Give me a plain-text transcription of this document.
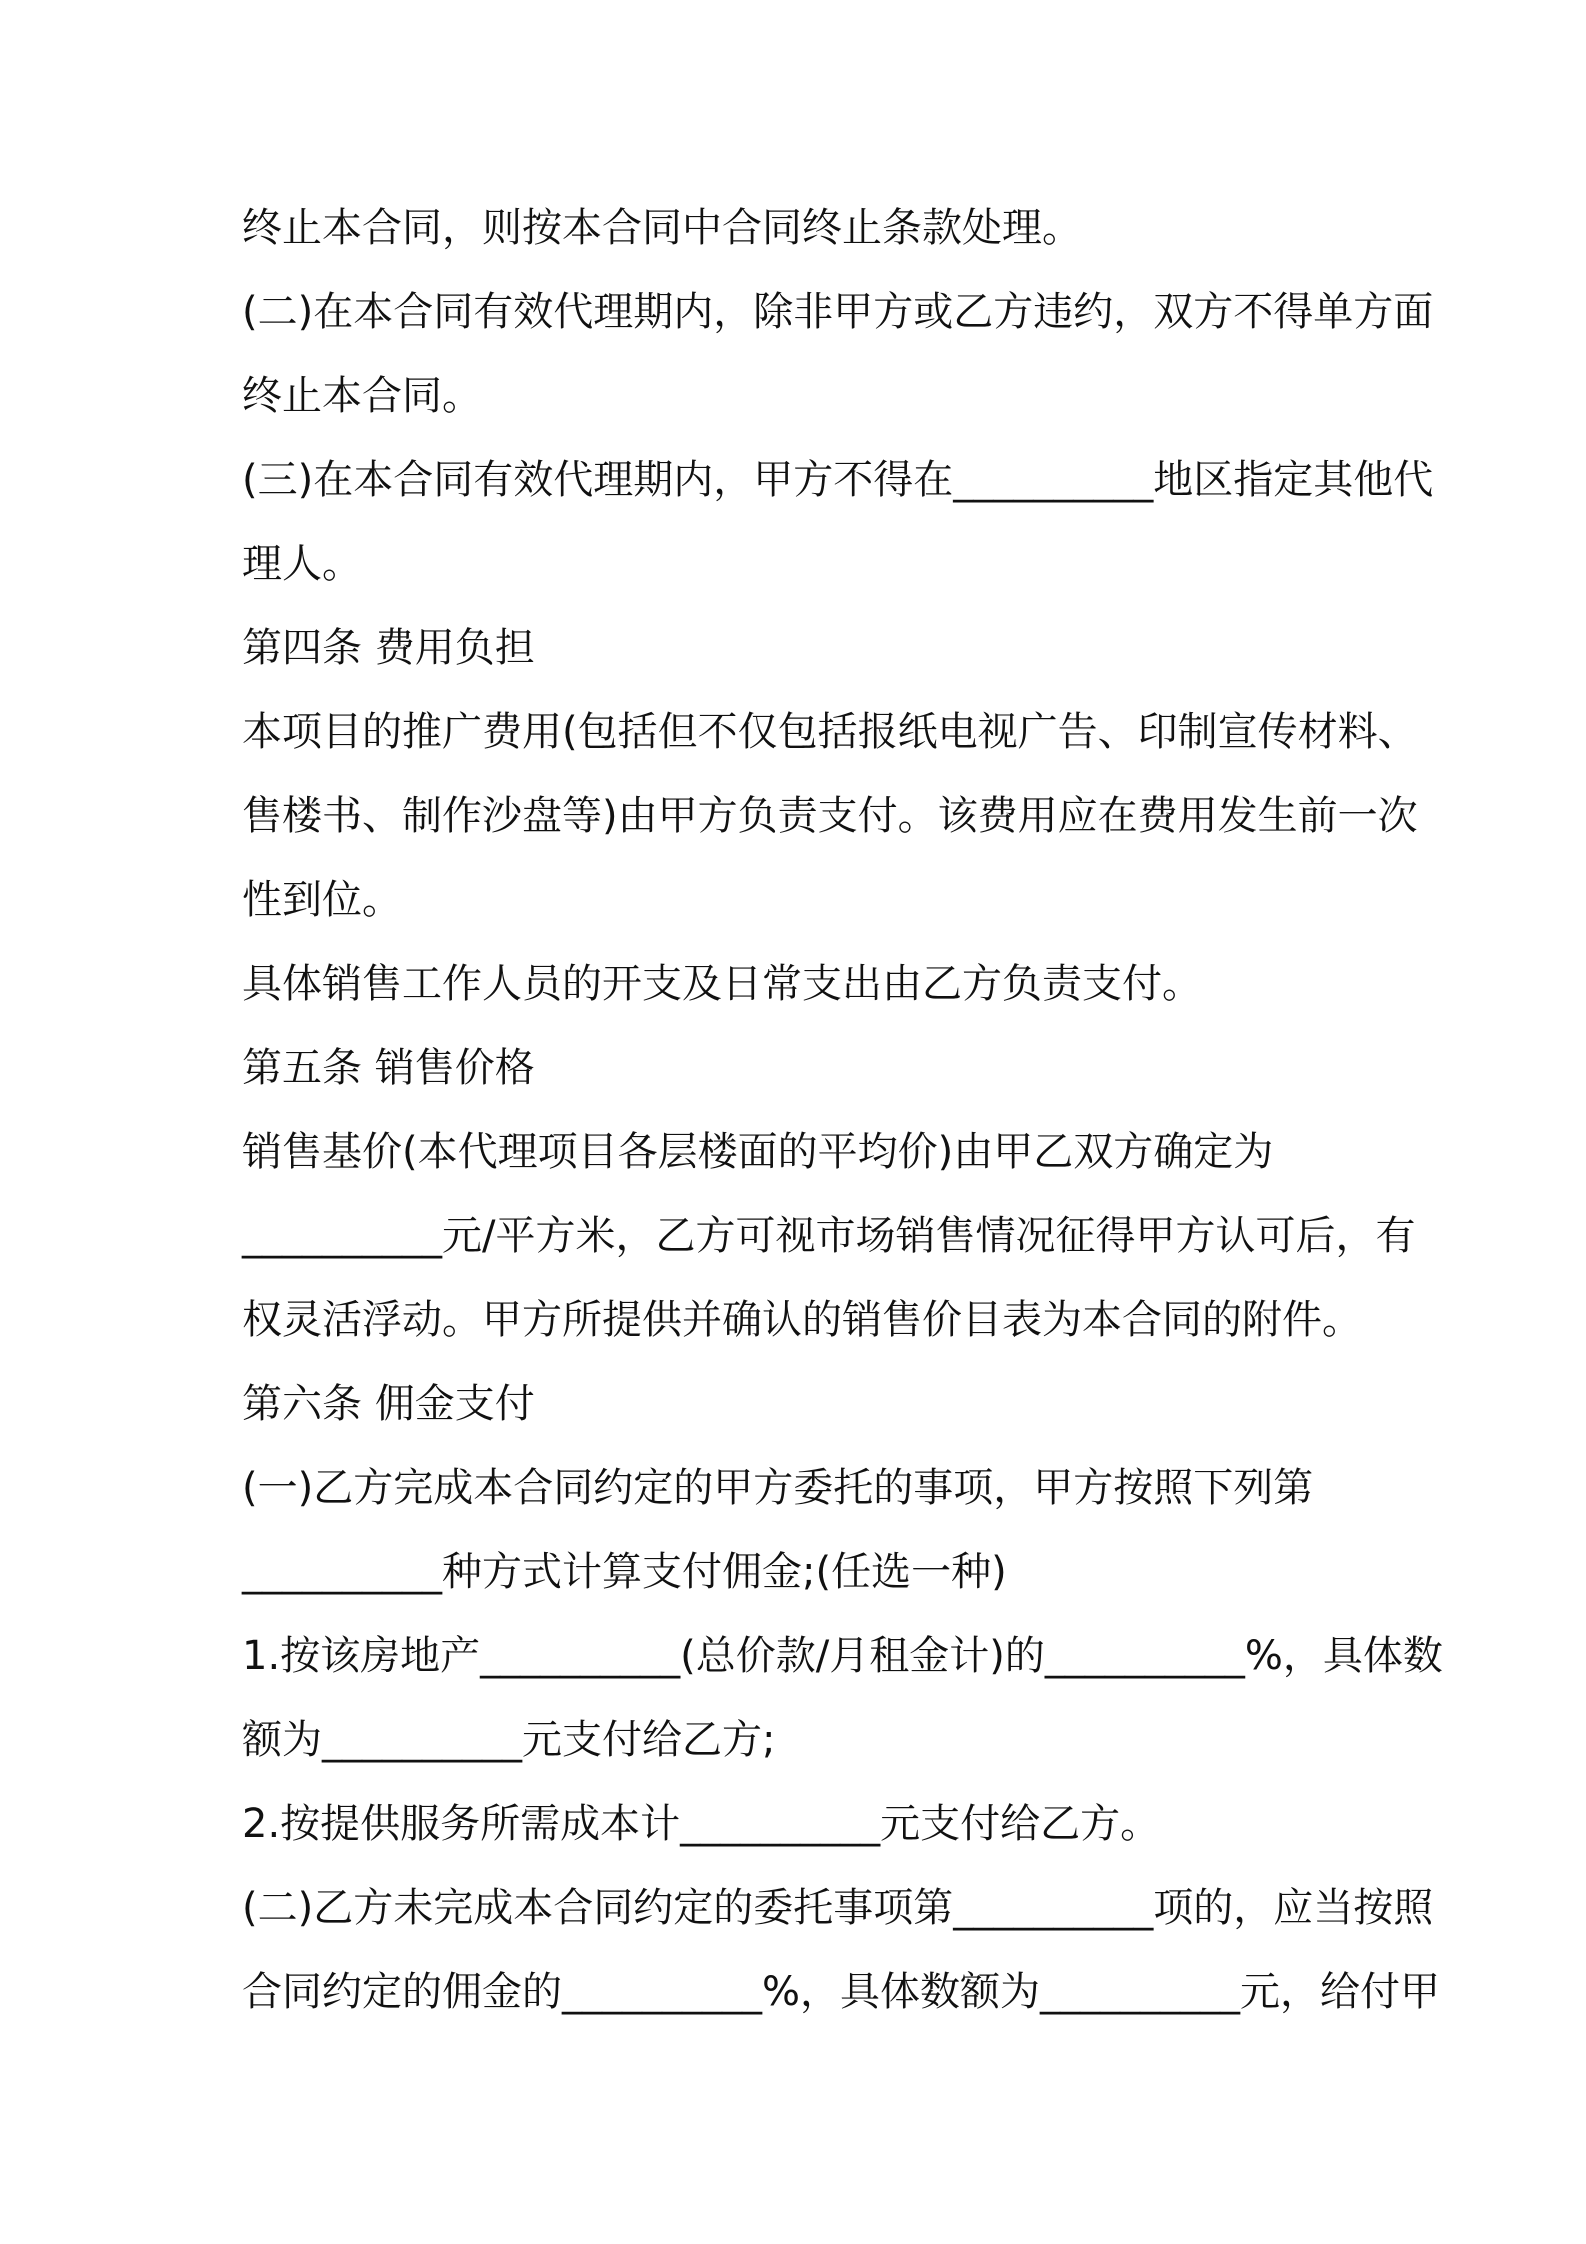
终止本合同，则按本合同中合同终止条款处理。
(二)在本合同有效代理期内，除非甲方或乙方违约，双方不得单方面
终止本合同。
(三)在本合同有效代理期内，甲方不得在__________地区指定其他代
理人。
第四条 费用负担
本项目的推广费用(包括但不仅包括报纸电视广告、印制宣传材料、
售楼书、制作沙盘等)由甲方负责支付。该费用应在费用发生前一次
性到位。
具体销售工作人员的开支及日常支出由乙方负责支付。
第五条 销售价格
销售基价(本代理项目各层楼面的平均价)由甲乙双方确定为
__________元/平方米，乙方可视市场销售情况征得甲方认可后，有
权灵活浮动。甲方所提供并确认的销售价目表为本合同的附件。
第六条 佣金支付
(一)乙方完成本合同约定的甲方委托的事项，甲方按照下列第
__________种方式计算支付佣金;(任选一种)
1.按该房地产__________(总价款/月租金计)的__________%，具体数
额为__________元支付给乙方;
2.按提供服务所需成本计__________元支付给乙方。
(二)乙方未完成本合同约定的委托事项第__________项的，应当按照
合同约定的佣金的__________%，具体数额为__________元，给付甲
